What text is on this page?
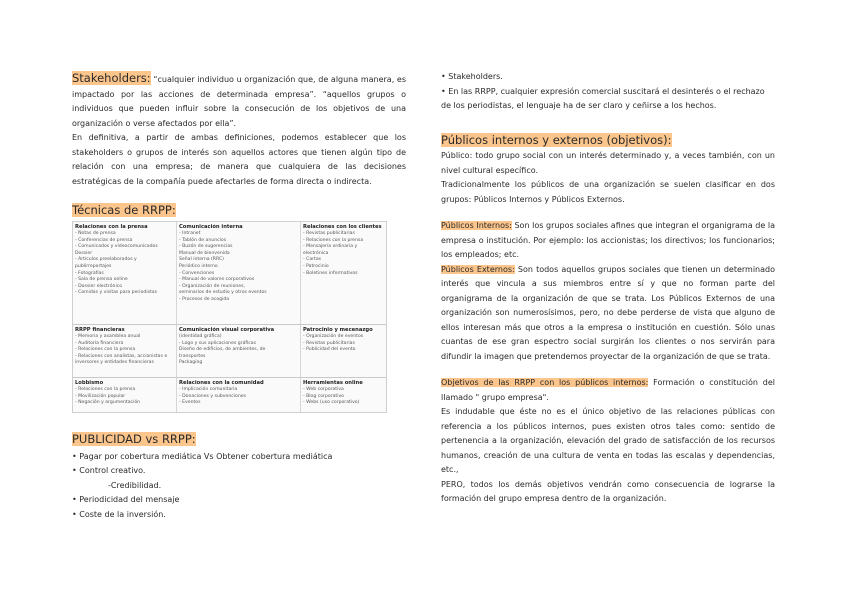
Stakeholders: “cualquier individuo u organización que, de alguna manera, es impactado por las acciones de determinada empresa”. “aquellos grupos o individuos que pueden influir sobre la consecución de los objetivos de una organización o verse afectados por ella”.

En definitiva, a partir de ambas definiciones, podemos establecer que los stakeholders o grupos de interés son aquellos actores que tienen algún tipo de relación con una empresa; de manera que cualquiera de las decisiones estratégicas de la compañía puede afectarles de forma directa o indirecta.

Técnicas de RRPP:
Relaciones con la prensa
- Notas de prensa
- Conferencias de prensa
- Comunicados y videocomunicados
Dossier
- Artículos preelaborados y
publirreportajes
- Fotografías
- Sala de prensa online
- Dossier electrónico
- Comidas y visitas para periodistas
Comunicación interna
- Intranet
- Tablón de anuncios
- Buzón de sugerencias
Manual de bienvenida
Señal interna (RRC)
Periódico interno
- Convenciones
- Manual de valores corporativos
- Organización de reuniones,
seminarios de estudio y otros eventos
- Procesos de acogida
Relaciones con los clientes
- Revistas publicitarias
- Relaciones con la prensa
- Mensajería ordinaria y
electrónica
- Cartas
- Patrocinio
- Boletines informativos
RRPP financieras
- Memoria y asamblea anual
- Auditoría financiera
- Relaciones con la prensa
- Relaciones con analistas, accionistas e
inversores y entidades financieras
Comunicación visual corporativa
(identidad gráfica)
- Logo y sus aplicaciones gráficas
Diseño de edificios, de ambientes, de
transportes
Packaging
Patrocinio y mecenazgo
- Organización de eventos
- Revistas publicitarias
- Publicidad del evento
Lobbismo
- Relaciones con la prensa
- Movilización popular
- Negación y argumentación
Relaciones con la comunidad
- Implicación comunitaria
- Donaciones y subvenciones
- Eventos
Herramientas online
- Web corporativa
- Blog corporativo
- Webs (uso corporativo)
PUBLICIDAD vs RRPP:
• Pagar por cobertura mediática Vs Obtener cobertura mediática
• Control creativo.
-Credibilidad.
• Periodicidad del mensaje
• Coste de la inversión.
• Stakeholders.
• En las RRPP, cualquier expresión comercial suscitará el desinterés o el rechazo de los periodistas, el lenguaje ha de ser claro y ceñirse a los hechos.
Públicos internos y externos (objetivos):

Público: todo grupo social con un interés determinado y, a veces también, con un nivel cultural específico.

Tradicionalmente los públicos de una organización se suelen clasificar en dos grupos: Públicos Internos y Públicos Externos.

Públicos Internos: Son los grupos sociales afines que integran el organigrama de la empresa o institución. Por ejemplo: los accionistas; los directivos; los funcionarios; los empleados; etc.

Públicos Externos: Son todos aquellos grupos sociales que tienen un determinado interés que vincula a sus miembros entre sí y que no forman parte del organigrama de la organización de que se trata. Los Públicos Externos de una organización son numerosísimos, pero, no debe perderse de vista que alguno de ellos interesan más que otros a la empresa o institución en cuestión. Sólo unas cuantas de ese gran espectro social surgirán los clientes o nos servirán para difundir la imagen que pretendemos proyectar de la organización de que se trata.

Objetivos de las RRPP con los públicos internos: Formación o constitución del llamado " grupo empresa".

Es indudable que éste no es el único objetivo de las relaciones públicas con referencia a los públicos internos, pues existen otros tales como: sentido de pertenencia a la organización, elevación del grado de satisfacción de los recursos humanos, creación de una cultura de venta en todas las escalas y dependencias, etc.,

PERO, todos los demás objetivos vendrán como consecuencia de lograrse la formación del grupo empresa dentro de la organización.
